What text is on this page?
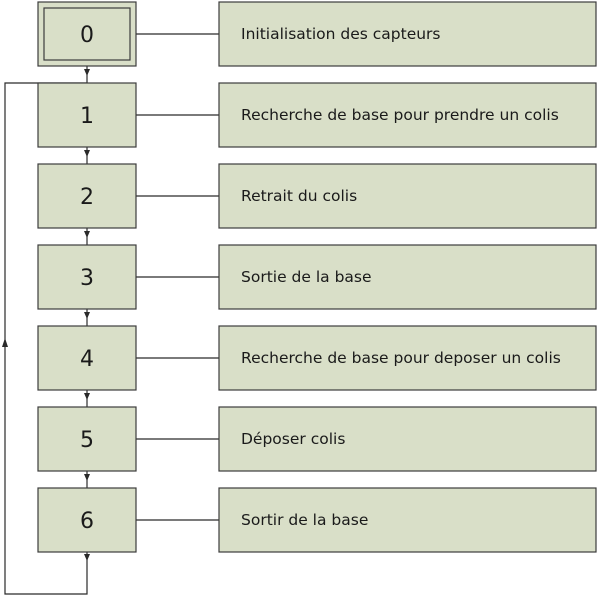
0	Initialisation des capteurs
1	Recherche de base pour prendre un colis
2	Retrait du colis
3	Sortie de la base
4	Recherche de base pour deposer un colis
5	Déposer colis
6	Sortir de la base
